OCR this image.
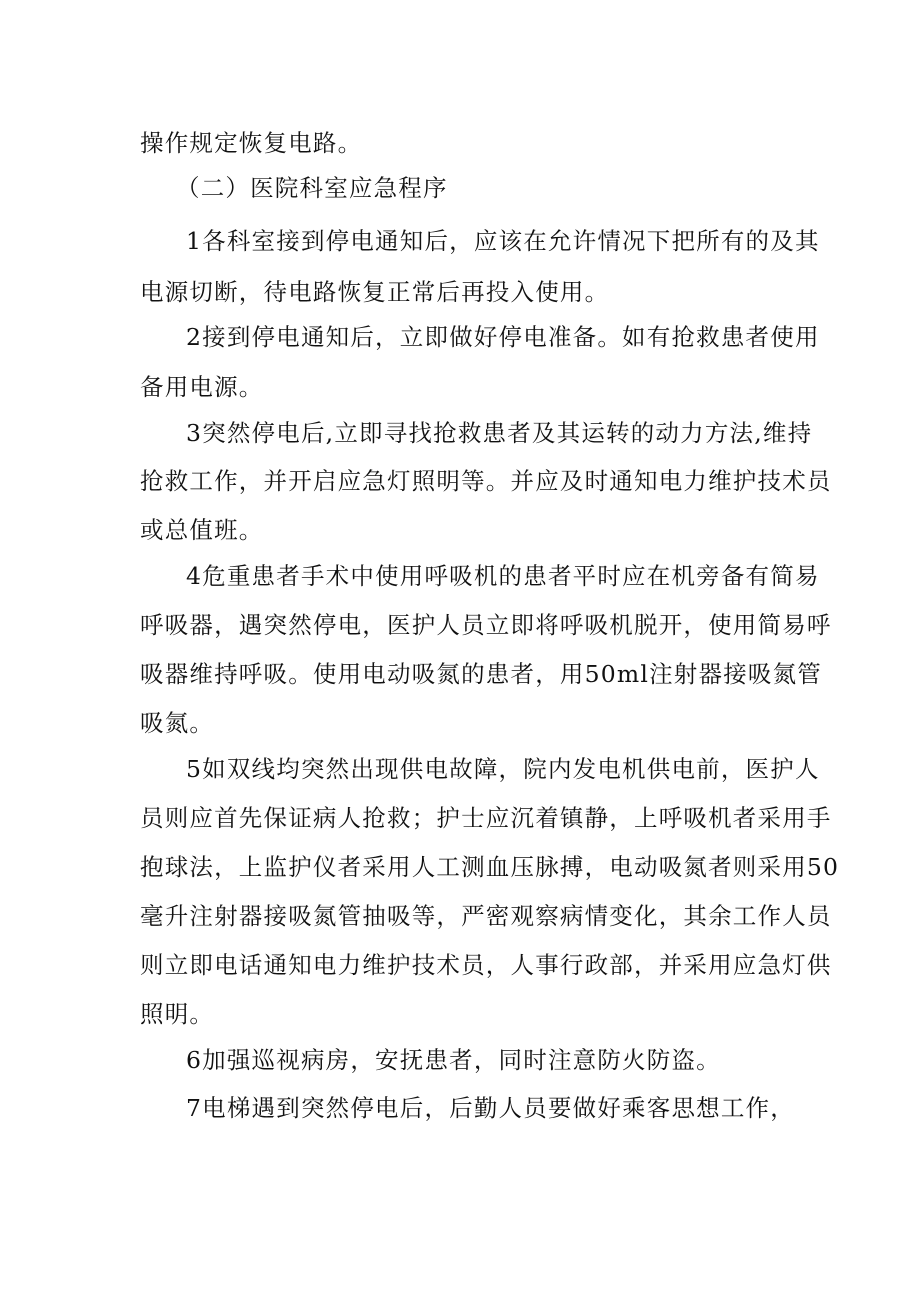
操作规定恢复电路。
（二）医院科室应急程序
1各科室接到停电通知后，应该在允许情况下把所有的及其
电源切断，待电路恢复正常后再投入使用。
2接到停电通知后，立即做好停电准备。如有抢救患者使用
备用电源。
3突然停电后,立即寻找抢救患者及其运转的动力方法,维持
抢救工作，并开启应急灯照明等。并应及时通知电力维护技术员
或总值班。
4危重患者手术中使用呼吸机的患者平时应在机旁备有简易
呼吸器，遇突然停电，医护人员立即将呼吸机脱开，使用简易呼
吸器维持呼吸。使用电动吸氮的患者，用50ml注射器接吸氮管
吸氮。
5如双线均突然出现供电故障，院内发电机供电前，医护人
员则应首先保证病人抢救；护士应沉着镇静，上呼吸机者采用手
抱球法，上监护仪者采用人工测血压脉搏，电动吸氮者则采用50
毫升注射器接吸氮管抽吸等，严密观察病情变化，其余工作人员
则立即电话通知电力维护技术员，人事行政部，并采用应急灯供
照明。
6加强巡视病房，安抚患者，同时注意防火防盗。
7电梯遇到突然停电后，后勤人员要做好乘客思想工作，
